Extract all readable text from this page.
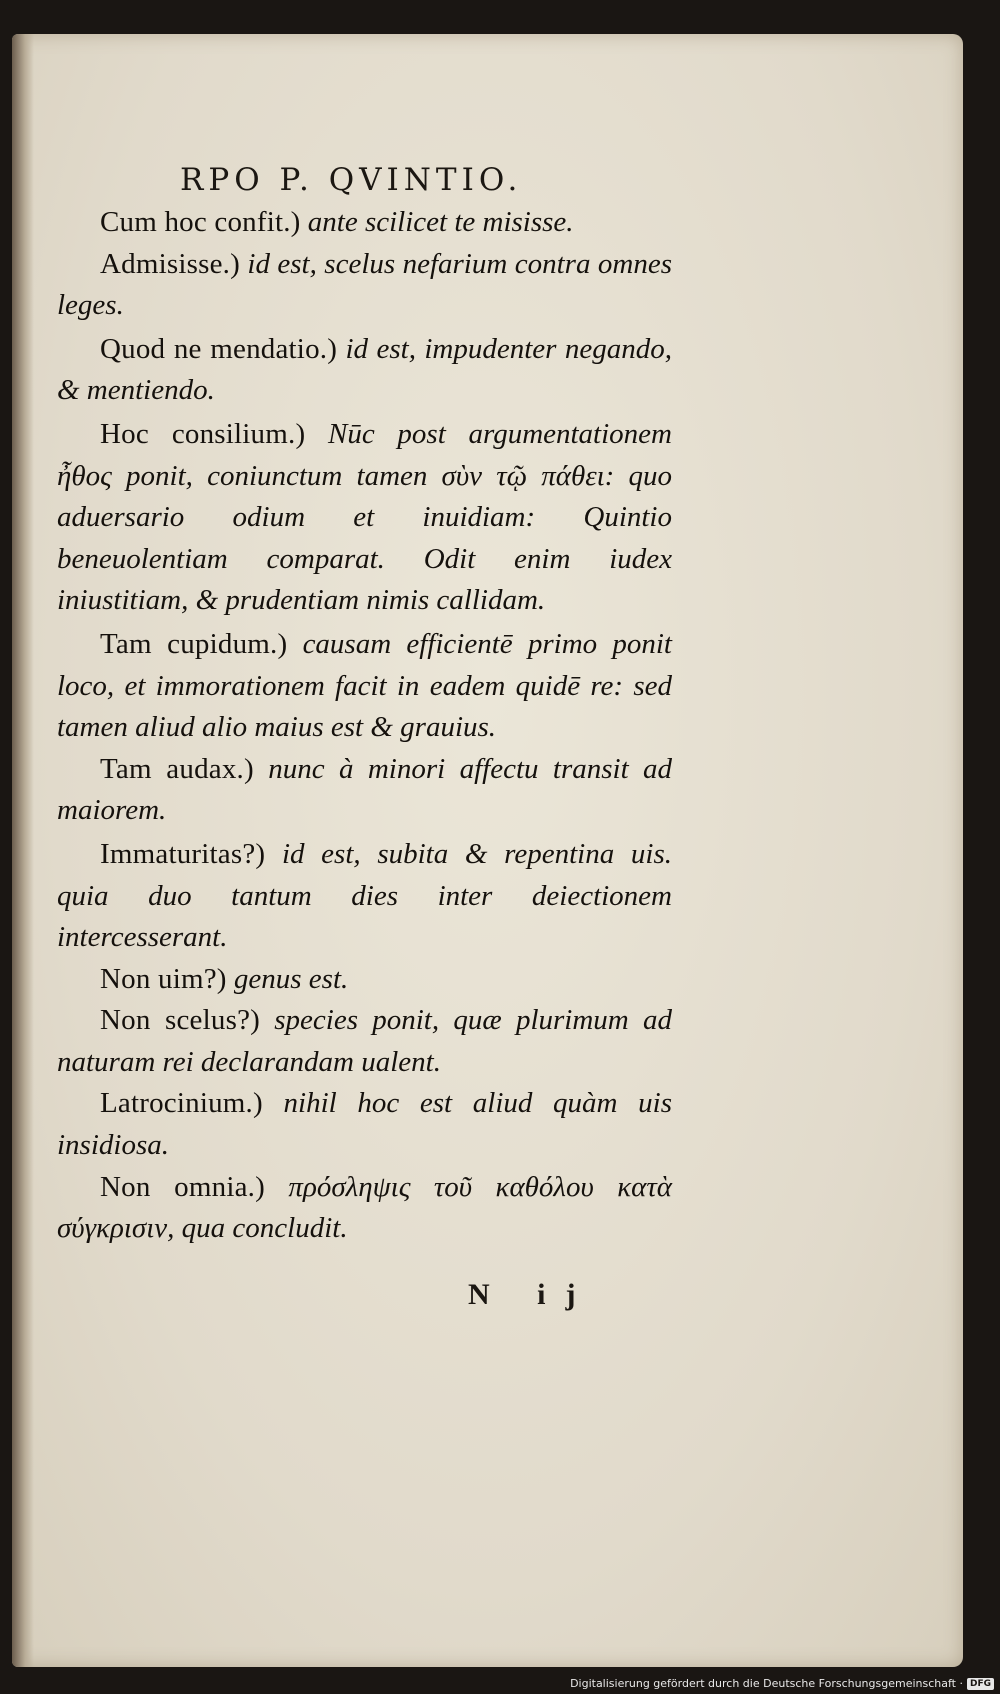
RPO P. QVINTIO.

Cum hoc confit.) ante scilicet te misisse.

Admisisse.) id est, scelus nefarium contra omnes leges.

Quod ne mendatio.) id est, impudenter negando, & mentiendo.

Hoc consilium.) Nūc post argumentationem ἦθος ponit, coniunctum tamen σὺν τῷ πάθει: quo aduersario odium et inuidiam: Quintio beneuolentiam comparat. Odit enim iudex iniustitiam, & prudentiam nimis callidam.

Tam cupidum.) causam efficientē primo ponit loco, et immorationem facit in eadem quidē re: sed tamen aliud alio maius est & grauius.

Tam audax.) nunc à minori affectu transit ad maiorem.

Immaturitas?) id est, subita & repentina uis. quia duo tantum dies inter deiectionem intercesserant.

Non uim?) genus est.

Non scelus?) species ponit, quæ plurimum ad naturam rei declarandam ualent.

Latrocinium.) nihil hoc est aliud quàm uis insidiosa.

Non omnia.) πρόσληψις τοῦ καθόλου κατὰ σύγκρισιν, qua concludit.

N ij
Digitalisierung gefördert durch die Deutsche Forschungsgemeinschaft · DFG
